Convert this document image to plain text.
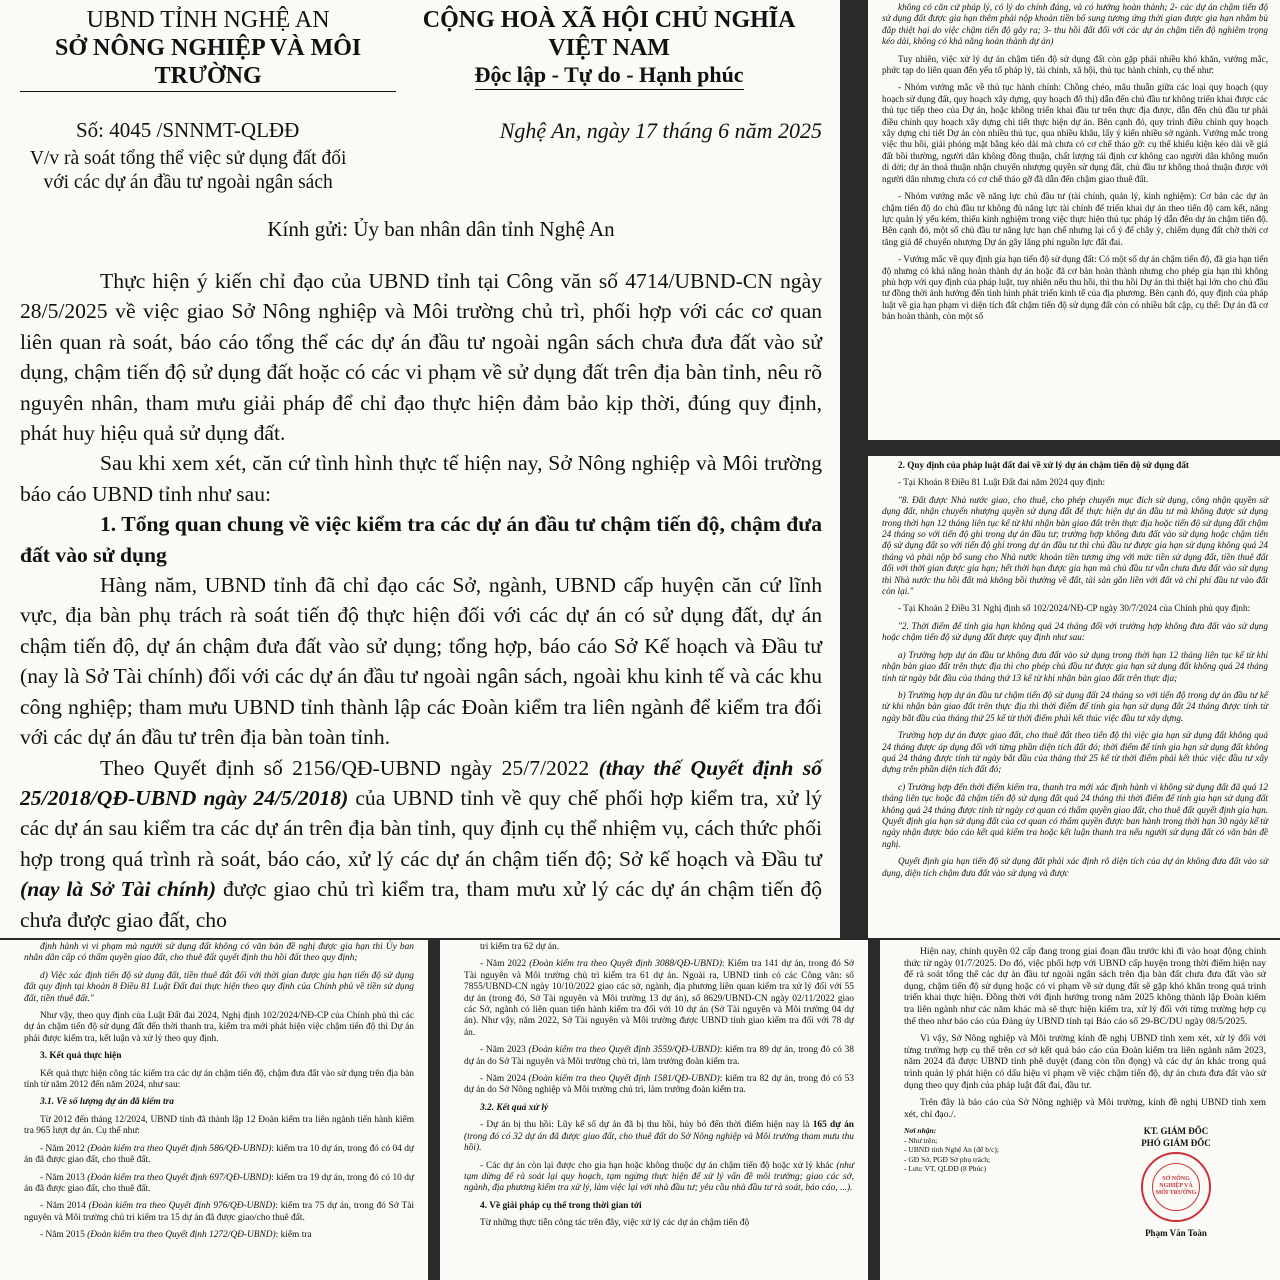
UBND TỈNH NGHỆ AN
SỞ NÔNG NGHIỆP VÀ MÔI TRƯỜNG
CỘNG HOÀ XÃ HỘI CHỦ NGHĨA VIỆT NAM
Độc lập - Tự do - Hạnh phúc
Số: 4045 /SNNMT-QLĐĐ
V/v rà soát tổng thể việc sử dụng đất đối với các dự án đầu tư ngoài ngân sách
Nghệ An, ngày 17 tháng 6 năm 2025
Kính gửi: Ủy ban nhân dân tỉnh Nghệ An

Thực hiện ý kiến chỉ đạo của UBND tỉnh tại Công văn số 4714/UBND-CN ngày 28/5/2025 về việc giao Sở Nông nghiệp và Môi trường chủ trì, phối hợp với các cơ quan liên quan rà soát, báo cáo tổng thể các dự án đầu tư ngoài ngân sách chưa đưa đất vào sử dụng, chậm tiến độ sử dụng đất hoặc có các vi phạm về sử dụng đất trên địa bàn tỉnh, nêu rõ nguyên nhân, tham mưu giải pháp để chỉ đạo thực hiện đảm bảo kịp thời, đúng quy định, phát huy hiệu quả sử dụng đất.

Sau khi xem xét, căn cứ tình hình thực tế hiện nay, Sở Nông nghiệp và Môi trường báo cáo UBND tỉnh như sau:

1. Tổng quan chung về việc kiểm tra các dự án đầu tư chậm tiến độ, chậm đưa đất vào sử dụng

Hàng năm, UBND tỉnh đã chỉ đạo các Sở, ngành, UBND cấp huyện căn cứ lĩnh vực, địa bàn phụ trách rà soát tiến độ thực hiện đối với các dự án có sử dụng đất, dự án chậm tiến độ, dự án chậm đưa đất vào sử dụng; tổng hợp, báo cáo Sở Kế hoạch và Đầu tư (nay là Sở Tài chính) đối với các dự án đầu tư ngoài ngân sách, ngoài khu kinh tế và các khu công nghiệp; tham mưu UBND tỉnh thành lập các Đoàn kiểm tra liên ngành để kiểm tra đối với các dự án đầu tư trên địa bàn toàn tỉnh.

Theo Quyết định số 2156/QĐ-UBND ngày 25/7/2022 (thay thế Quyết định số 25/2018/QĐ-UBND ngày 24/5/2018) của UBND tỉnh về quy chế phối hợp kiểm tra, xử lý các dự án sau kiểm tra các dự án trên địa bàn tỉnh, quy định cụ thể nhiệm vụ, cách thức phối hợp trong quá trình rà soát, báo cáo, xử lý các dự án chậm tiến độ; Sở kế hoạch và Đầu tư (nay là Sở Tài chính) được giao chủ trì kiểm tra, tham mưu xử lý các dự án chậm tiến độ chưa được giao đất, cho

không có căn cứ pháp lý, có lý do chính đáng, và có hướng hoàn thành; 2- các dự án chậm tiến độ sử dụng đất được gia hạn thêm phải nộp khoản tiền bổ sung tương ứng thời gian được gia hạn nhằm bù đắp thiệt hại do việc chậm tiến độ gây ra; 3- thu hồi đất đối với các dự án chậm tiến độ nghiêm trọng kéo dài, không có khả năng hoàn thành dự án)

Tuy nhiên, việc xử lý dự án chậm tiến độ sử dụng đất còn gặp phải nhiều khó khăn, vướng mắc, phức tạp do liên quan đến yếu tố pháp lý, tài chính, xã hội, thủ tục hành chính, cụ thể như:

- Nhóm vướng mắc về thủ tục hành chính: Chồng chéo, mâu thuẫn giữa các loại quy hoạch (quy hoạch sử dụng đất, quy hoạch xây dựng, quy hoạch đô thị) dẫn đến chủ đầu tư không triển khai được các thủ tục tiếp theo của Dự án, hoặc không triển khai đầu tư trên thực địa được, dẫn đến chủ đầu tư phải điều chỉnh quy hoạch xây dựng chi tiết thực hiện dự án. Bên cạnh đó, quy trình điều chỉnh quy hoạch xây dựng chi tiết Dự án còn nhiều thủ tục, qua nhiều khâu, lấy ý kiến nhiều sở ngành. Vướng mắc trong việc thu hồi, giải phóng mặt bằng kéo dài mà chưa có cơ chế tháo gỡ: cụ thể khiếu kiện kéo dài về giá đất bồi thường, người dân không đồng thuận, chất lượng tái định cư không cao người dân không muốn di dời; dự án thoả thuận nhận chuyển nhượng quyền sử dụng đất, chủ đầu tư không thoả thuận được với người dân nhưng chưa có cơ chế tháo gỡ đã dẫn đến chậm giao thuê đất.

- Nhóm vướng mắc về năng lực chủ đầu tư (tài chính, quản lý, kinh nghiệm): Cơ bản các dự án chậm tiến độ do chủ đầu tư không đủ năng lực tài chính để triển khai dự án theo tiến độ cam kết, năng lực quản lý yếu kém, thiếu kinh nghiệm trong việc thực hiện thủ tục pháp lý dẫn đến dự án chậm tiến độ. Bên cạnh đó, một số chủ đầu tư năng lực hạn chế nhưng lại cố ý để chây ỳ, chiếm dụng đất chờ thời cơ tăng giá để chuyển nhượng Dự án gây lãng phí nguồn lực đất đai.

- Vướng mắc về quy định gia hạn tiến độ sử dụng đất: Có một số dự án chậm tiến độ, đã gia hạn tiến độ nhưng có khả năng hoàn thành dự án hoặc đã cơ bản hoàn thành nhưng cho phép gia hạn thì không phù hợp với quy định của pháp luật, tuy nhiên nếu thu hồi, thì thu hồi Dự án thì thiệt hại lớn cho chủ đầu tư đồng thời ảnh hưởng đến tình hình phát triển kinh tế của địa phương. Bên cạnh đó, quy định của pháp luật về gia hạn phạm vi diện tích đất chậm tiến độ sử dụng đất còn có nhiều bất cập, cụ thể: Dự án đã cơ bản hoàn thành, còn một số

2. Quy định của pháp luật đất đai về xử lý dự án chậm tiến độ sử dụng đất

- Tại Khoản 8 Điều 81 Luật Đất đai năm 2024 quy định:

"8. Đất được Nhà nước giao, cho thuê, cho phép chuyển mục đích sử dụng, công nhận quyền sử dụng đất, nhận chuyển nhượng quyền sử dụng đất để thực hiện dự án đầu tư mà không được sử dụng trong thời hạn 12 tháng liên tục kể từ khi nhận bàn giao đất trên thực địa hoặc tiến độ sử dụng đất chậm 24 tháng so với tiến độ ghi trong dự án đầu tư; trường hợp không đưa đất vào sử dụng hoặc chậm tiến độ sử dụng đất so với tiến độ ghi trong dự án đầu tư thì chủ đầu tư được gia hạn sử dụng không quá 24 tháng và phải nộp bổ sung cho Nhà nước khoản tiền tương ứng với mức tiền sử dụng đất, tiền thuê đất đối với thời gian được gia hạn; hết thời hạn được gia hạn mà chủ đầu tư vẫn chưa đưa đất vào sử dụng thì Nhà nước thu hồi đất mà không bồi thường về đất, tài sản gắn liền với đất và chi phí đầu tư vào đất còn lại."

- Tại Khoản 2 Điều 31 Nghị định số 102/2024/NĐ-CP ngày 30/7/2024 của Chính phủ quy định:

"2. Thời điểm để tính gia hạn không quá 24 tháng đối với trường hợp không đưa đất vào sử dụng hoặc chậm tiến độ sử dụng đất được quy định như sau:

a) Trường hợp dự án đầu tư không đưa đất vào sử dụng trong thời hạn 12 tháng liên tục kể từ khi nhận bàn giao đất trên thực địa thì cho phép chủ đầu tư được gia hạn sử dụng đất không quá 24 tháng tính từ ngày bắt đầu của tháng thứ 13 kể từ khi nhận bàn giao đất trên thực địa;

b) Trường hợp dự án đầu tư chậm tiến độ sử dụng đất 24 tháng so với tiến độ trong dự án đầu tư kể từ khi nhận bàn giao đất trên thực địa thì thời điểm để tính gia hạn sử dụng đất 24 tháng được tính từ ngày bắt đầu của tháng thứ 25 kể từ thời điểm phải kết thúc việc đầu tư xây dựng.

Trường hợp dự án được giao đất, cho thuê đất theo tiến độ thì việc gia hạn sử dụng đất không quá 24 tháng được áp dụng đối với từng phần diện tích đất đó; thời điểm để tính gia hạn sử dụng đất không quá 24 tháng được tính từ ngày bắt đầu của tháng thứ 25 kể từ thời điểm phải kết thúc việc đầu tư xây dựng trên phần diện tích đất đó;

c) Trường hợp đến thời điểm kiểm tra, thanh tra mới xác định hành vi không sử dụng đất đã quá 12 tháng liên tục hoặc đã chậm tiến độ sử dụng đất quá 24 tháng thì thời điểm để tính gia hạn sử dụng đất không quá 24 tháng được tính từ ngày cơ quan có thẩm quyền giao đất, cho thuê đất quyết định gia hạn. Quyết định gia hạn sử dụng đất của cơ quan có thẩm quyền được ban hành trong thời hạn 30 ngày kể từ ngày nhận được báo cáo kết quả kiểm tra hoặc kết luận thanh tra nếu người sử dụng đất có văn bản đề nghị.

Quyết định gia hạn tiến độ sử dụng đất phải xác định rõ diện tích của dự án không đưa đất vào sử dụng, diện tích chậm đưa đất vào sử dụng và được

định hành vi vi phạm mà người sử dụng đất không có văn bản đề nghị được gia hạn thì Ủy ban nhân dân cấp có thẩm quyền giao đất, cho thuê đất quyết định thu hồi đất theo quy định;

d) Việc xác định tiến độ sử dụng đất, tiền thuê đất đối với thời gian được gia hạn tiến độ sử dụng đất quy định tại khoản 8 Điều 81 Luật Đất đai thực hiện theo quy định của Chính phủ về tiền sử dụng đất, tiền thuê đất."

Như vậy, theo quy định của Luật Đất đai 2024, Nghị định 102/2024/NĐ-CP của Chính phủ thì các dự án chậm tiến độ sử dụng đất đến thời thanh tra, kiểm tra mới phát hiện việc chậm tiến độ thì Dự án phải được kiểm tra, kết luận và xử lý theo quy định.

3. Kết quả thực hiện

Kết quả thực hiện công tác kiểm tra các dự án chậm tiến độ, chậm đưa đất vào sử dụng trên địa bàn tỉnh từ năm 2012 đến năm 2024, như sau:

3.1. Về số lượng dự án đã kiểm tra

Từ 2012 đến tháng 12/2024, UBND tỉnh đã thành lập 12 Đoàn kiểm tra liên ngành tiến hành kiểm tra 965 lượt dự án. Cụ thể như:

- Năm 2012 (Đoàn kiểm tra theo Quyết định 586/QĐ-UBND): kiểm tra 10 dự án, trong đó có 04 dự án đã được giao đất, cho thuê đất.

- Năm 2013 (Đoàn kiểm tra theo Quyết định 697/QĐ-UBND): kiểm tra 19 dự án, trong đó có 10 dự án đã được giao đất, cho thuê đất.

- Năm 2014 (Đoàn kiểm tra theo Quyết định 976/QĐ-UBND): kiểm tra 75 dự án, trong đó Sở Tài nguyên và Môi trường chủ trì kiểm tra 15 dự án đã được giao/cho thuê đất.

- Năm 2015 (Đoàn kiểm tra theo Quyết định 1272/QĐ-UBND): kiểm tra

trì kiểm tra 62 dự án.

- Năm 2022 (Đoàn kiểm tra theo Quyết định 3088/QĐ-UBND): Kiểm tra 141 dự án, trong đó Sở Tài nguyên và Môi trường chủ trì kiểm tra 61 dự án. Ngoài ra, UBND tỉnh có các Công văn: số 7855/UBND-CN ngày 10/10/2022 giao các sở, ngành, địa phương liên quan kiểm tra xử lý đối với 55 dự án (trong đó, Sở Tài nguyên và Môi trường 13 dự án), số 8629/UBND-CN ngày 02/11/2022 giao các Sở, ngành có liên quan tiến hành kiểm tra đối với 10 dự án (Sở Tài nguyên và Môi trường 04 dự án). Như vậy, năm 2022, Sở Tài nguyên và Môi trường được UBND tỉnh giao kiểm tra đối với 78 dự án.

- Năm 2023 (Đoàn kiểm tra theo Quyết định 3559/QĐ-UBND): kiểm tra 89 dự án, trong đó có 38 dự án do Sở Tài nguyên và Môi trường chủ trì, làm trưởng đoàn kiểm tra.

- Năm 2024 (Đoàn kiểm tra theo Quyết định 1581/QĐ-UBND): kiểm tra 82 dự án, trong đó có 53 dự án do Sở Nông nghiệp và Môi trường chủ trì, làm trưởng đoàn kiểm tra.

3.2. Kết quả xử lý

- Dự án bị thu hồi: Lũy kế số dự án đã bị thu hồi, hủy bỏ đến thời điểm hiện nay là 165 dự án (trong đó có 32 dự án đã được giao đất, cho thuê đất do Sở Nông nghiệp và Môi trường tham mưu thu hồi).

- Các dự án còn lại được cho gia hạn hoặc không thuộc dự án chậm tiến độ hoặc xử lý khác (như tạm dừng để rà soát lại quy hoạch, tạm ngừng thực hiện để xử lý vấn đề môi trường; giao các sở, ngành, địa phương kiểm tra xử lý, làm việc lại với nhà đầu tư; yêu cầu nhà đầu tư rà soát, báo cáo, ...).

4. Về giải pháp cụ thể trong thời gian tới

Từ những thực tiễn công tác trên đây, việc xử lý các dự án chậm tiến độ

Hiện nay, chính quyền 02 cấp đang trong giai đoạn đầu trước khi đi vào hoạt động chính thức từ ngày 01/7/2025. Do đó, việc phối hợp với UBND cấp huyện trong thời điểm hiện nay để rà soát tổng thể các dự án đầu tư ngoài ngân sách trên địa bàn đất chưa đưa đất vào sử dụng, chậm tiến độ sử dụng hoặc có vi phạm về sử dụng đất sẽ gặp khó khăn trong quá trình triển khai thực hiện. Đồng thời với định hướng trong năm 2025 không thành lập Đoàn kiểm tra liên ngành như các năm khác mà sẽ thực hiện kiểm tra, xử lý đối với từng trường hợp cụ thể theo như báo cáo của Đảng ủy UBND tỉnh tại Báo cáo số 29-BC/DU ngày 08/5/2025.

Vì vậy, Sở Nông nghiệp và Môi trường kính đề nghị UBND tỉnh xem xét, xử lý đối với từng trường hợp cụ thể trên cơ sở kết quả báo cáo của Đoàn kiểm tra liên ngành năm 2023, năm 2024 đã được UBND tỉnh phê duyệt (đang còn tồn đọng) và các dự án khác trong quá trình quản lý phát hiện có dấu hiệu vi phạm về việc chậm tiến độ, dự án chưa đưa đất vào sử dụng theo quy định của pháp luật đất đai, đầu tư.

Trên đây là báo cáo của Sở Nông nghiệp và Môi trường, kính đề nghị UBND tỉnh xem xét, chỉ đạo./.

Nơi nhận:
- Như trên;
- UBND tỉnh Nghệ An (để b/c);
- GĐ Sở, PGĐ Sở phụ trách;
- Lưu: VT, QLĐĐ (8 Phúc)
KT. GIÁM ĐỐC
PHÓ GIÁM ĐỐC
SỞ NÔNG NGHIỆP VÀ MÔI TRƯỜNG
Phạm Văn Toàn
